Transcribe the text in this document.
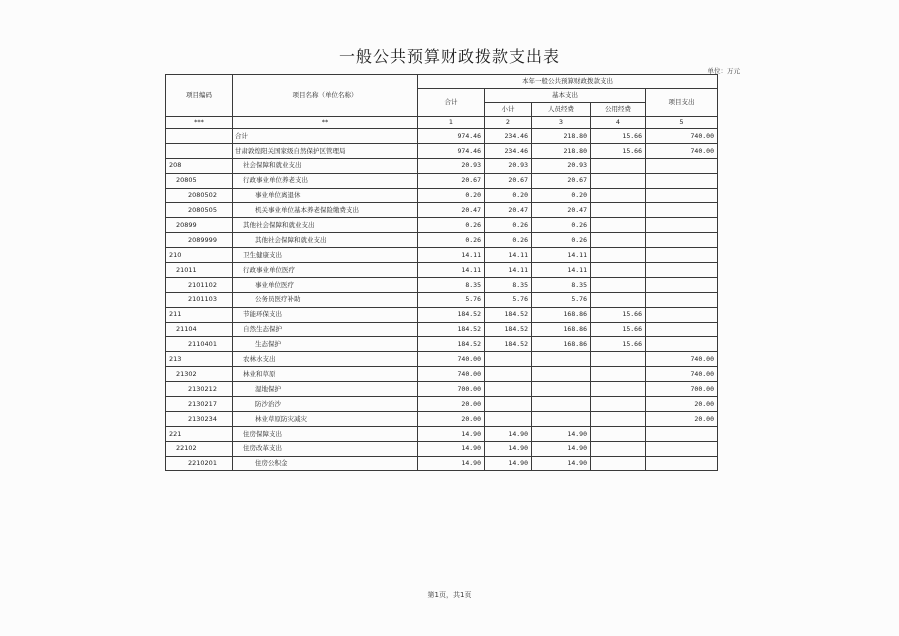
一般公共预算财政拨款支出表
单位：万元
项目编码	项目名称（单位名称）	本年一般公共预算财政拨款支出				
		合计	基本支出			项目支出
			小计	人员经费	公用经费	
***	**	1	2	3	4	5
	合计	974.46	234.46	218.80	15.66	740.00
	甘肃敦煌阳关国家级自然保护区管理局	974.46	234.46	218.80	15.66	740.00
208	社会保障和就业支出	20.93	20.93	20.93		
20805	行政事业单位养老支出	20.67	20.67	20.67		
2080502	事业单位离退休	0.20	0.20	0.20		
2080505	机关事业单位基本养老保险缴费支出	20.47	20.47	20.47		
20899	其他社会保障和就业支出	0.26	0.26	0.26		
2089999	其他社会保障和就业支出	0.26	0.26	0.26		
210	卫生健康支出	14.11	14.11	14.11		
21011	行政事业单位医疗	14.11	14.11	14.11		
2101102	事业单位医疗	8.35	8.35	8.35		
2101103	公务员医疗补助	5.76	5.76	5.76		
211	节能环保支出	184.52	184.52	168.86	15.66	
21104	自然生态保护	184.52	184.52	168.86	15.66	
2110401	生态保护	184.52	184.52	168.86	15.66	
213	农林水支出	740.00				740.00
21302	林业和草原	740.00				740.00
2130212	湿地保护	700.00				700.00
2130217	防沙治沙	20.00				20.00
2130234	林业草原防灾减灾	20.00				20.00
221	住房保障支出	14.90	14.90	14.90		
22102	住房改革支出	14.90	14.90	14.90		
2210201	住房公积金	14.90	14.90	14.90		
第1页，共1页
